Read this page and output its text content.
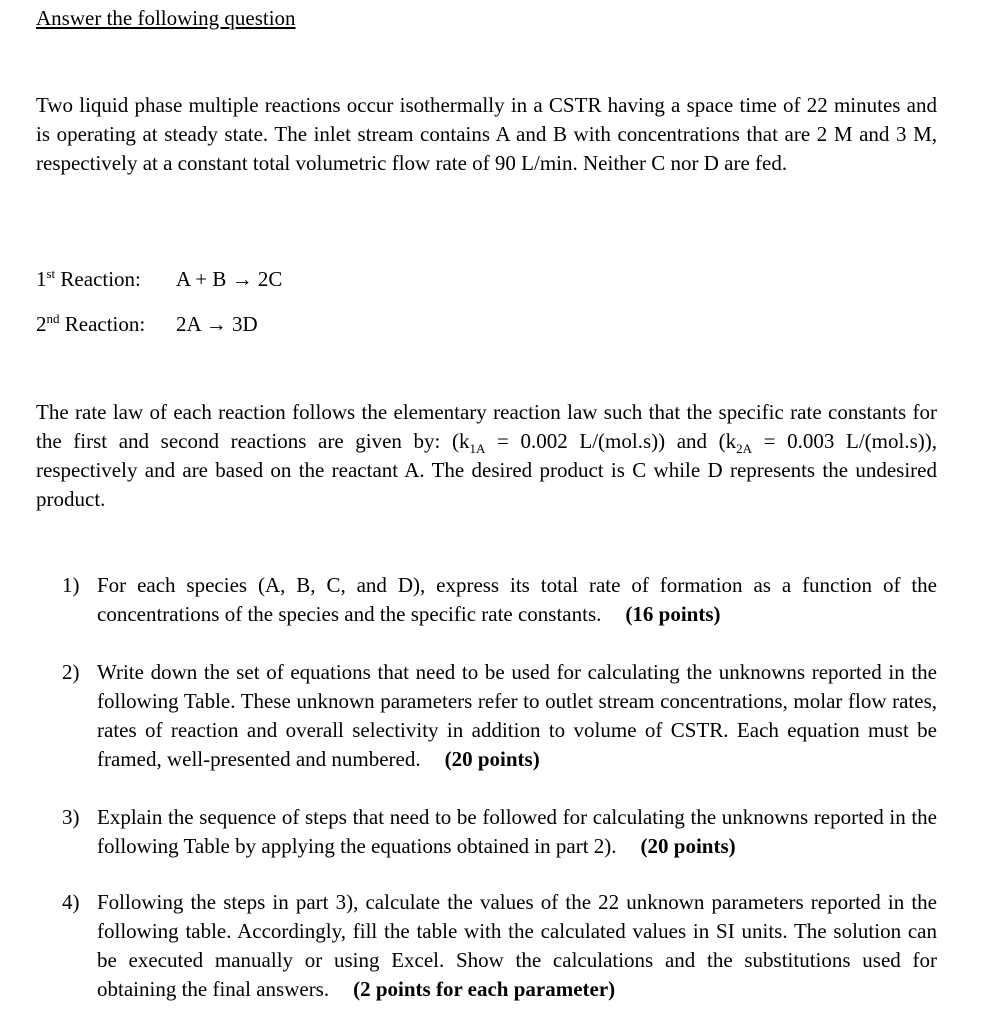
Answer the following question
Two liquid phase multiple reactions occur isothermally in a CSTR having a space time of 22 minutes and is operating at steady state. The inlet stream contains A and B with concentrations that are 2 M and 3 M, respectively at a constant total volumetric flow rate of 90 L/min. Neither C nor D are fed.
1st Reaction: A + B → 2C
2nd Reaction: 2A → 3D
The rate law of each reaction follows the elementary reaction law such that the specific rate constants for the first and second reactions are given by: ($k_{1A} = 0.002$ L/(mol.s)) and ($k_{2A} = 0.003$ L/(mol.s)), respectively and are based on the reactant A. The desired product is C while D represents the undesired product.
1) For each species (A, B, C, and D), express its total rate of formation as a function of the concentrations of the species and the specific rate constants. (16 points)
2) Write down the set of equations that need to be used for calculating the unknowns reported in the following Table. These unknown parameters refer to outlet stream concentrations, molar flow rates, rates of reaction and overall selectivity in addition to volume of CSTR. Each equation must be framed, well-presented and numbered. (20 points)
3) Explain the sequence of steps that need to be followed for calculating the unknowns reported in the following Table by applying the equations obtained in part 2). (20 points)
4) Following the steps in part 3), calculate the values of the 22 unknown parameters reported in the following table. Accordingly, fill the table with the calculated values in SI units. The solution can be executed manually or using Excel. Show the calculations and the substitutions used for obtaining the final answers. (2 points for each parameter)
